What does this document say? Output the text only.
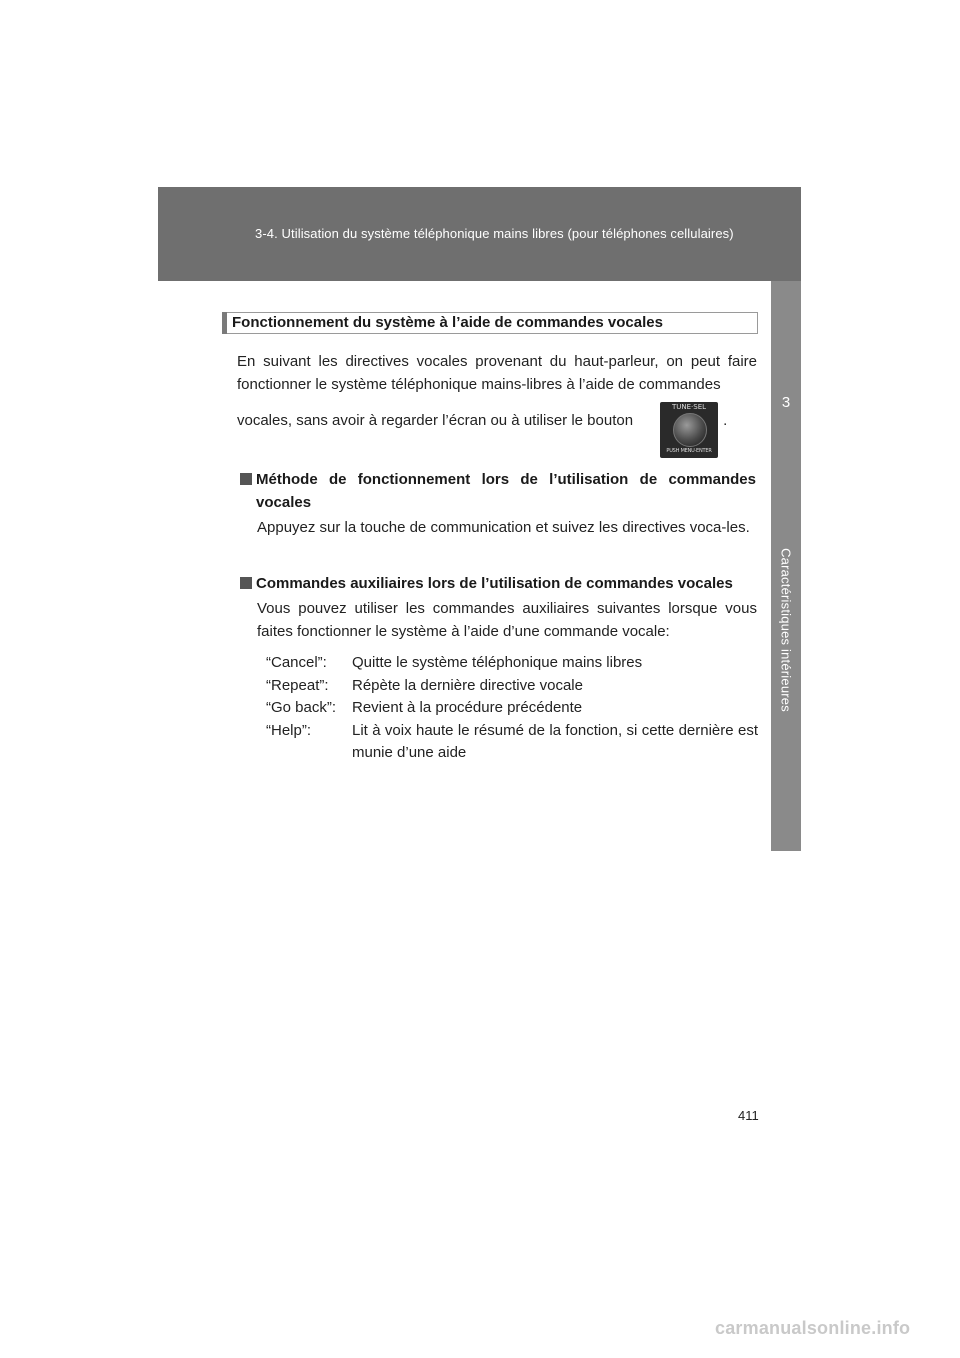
3-4. Utilisation du système téléphonique mains libres (pour téléphones cellulaires)
3
Caractéristiques intérieures
Fonctionnement du système à l’aide de commandes vocales
En suivant les directives vocales provenant du haut-parleur, on peut faire fonctionner le système téléphonique mains-libres à l’aide de commandes
vocales, sans avoir à regarder l’écran ou à utiliser le bouton	.
TUNE·SEL
PUSH MENU·ENTER
Méthode de fonctionnement lors de l’utilisation de commandes vocales
Appuyez sur la touche de communication et suivez les directives voca-les.
Commandes auxiliaires lors de l’utilisation de commandes vocales
Vous pouvez utiliser les commandes auxiliaires suivantes lorsque vous faites fonctionner le système à l’aide d’une commande vocale:
“Cancel”:	Quitte le système téléphonique mains libres
“Repeat”:	Répète la dernière directive vocale
“Go back”:	Revient à la procédure précédente
“Help”:	Lit à voix haute le résumé de la fonction, si cette dernière est munie d’une aide
411
carmanualsonline.info
